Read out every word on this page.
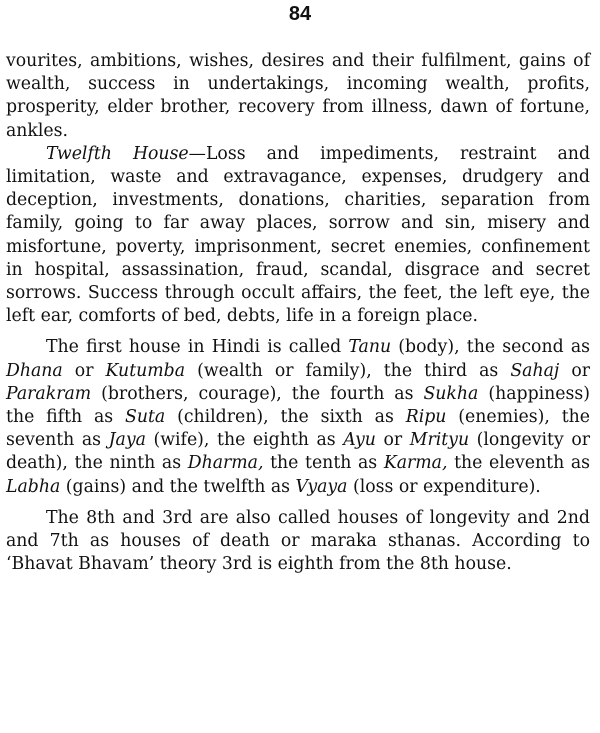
84

vourites, ambitions, wishes, desires and their fulfilment, gains of wealth, success in undertakings, incoming wealth, profits, prosperity, elder brother, recovery from illness, dawn of fortune, ankles.

Twelfth House—Loss and impediments, restraint and limitation, waste and extravagance, expenses, drudgery and deception, investments, donations, charities, separation from family, going to far away places, sorrow and sin, misery and misfortune, poverty, imprisonment, secret enemies, confinement in hospital, assassination, fraud, scandal, disgrace and secret sorrows. Success through occult affairs, the feet, the left eye, the left ear, comforts of bed, debts, life in a foreign place.

The first house in Hindi is called Tanu (body), the second as Dhana or Kutumba (wealth or family), the third as Sahaj or Parakram (brothers, courage), the fourth as Sukha (happiness) the fifth as Suta (children), the sixth as Ripu (enemies), the seventh as Jaya (wife), the eighth as Ayu or Mrityu (longevity or death), the ninth as Dharma, the tenth as Karma, the eleventh as Labha (gains) and the twelfth as Vyaya (loss or expenditure).

The 8th and 3rd are also called houses of longevity and 2nd and 7th as houses of death or maraka sthanas. According to ‘Bhavat Bhavam’ theory 3rd is eighth from the 8th house.
